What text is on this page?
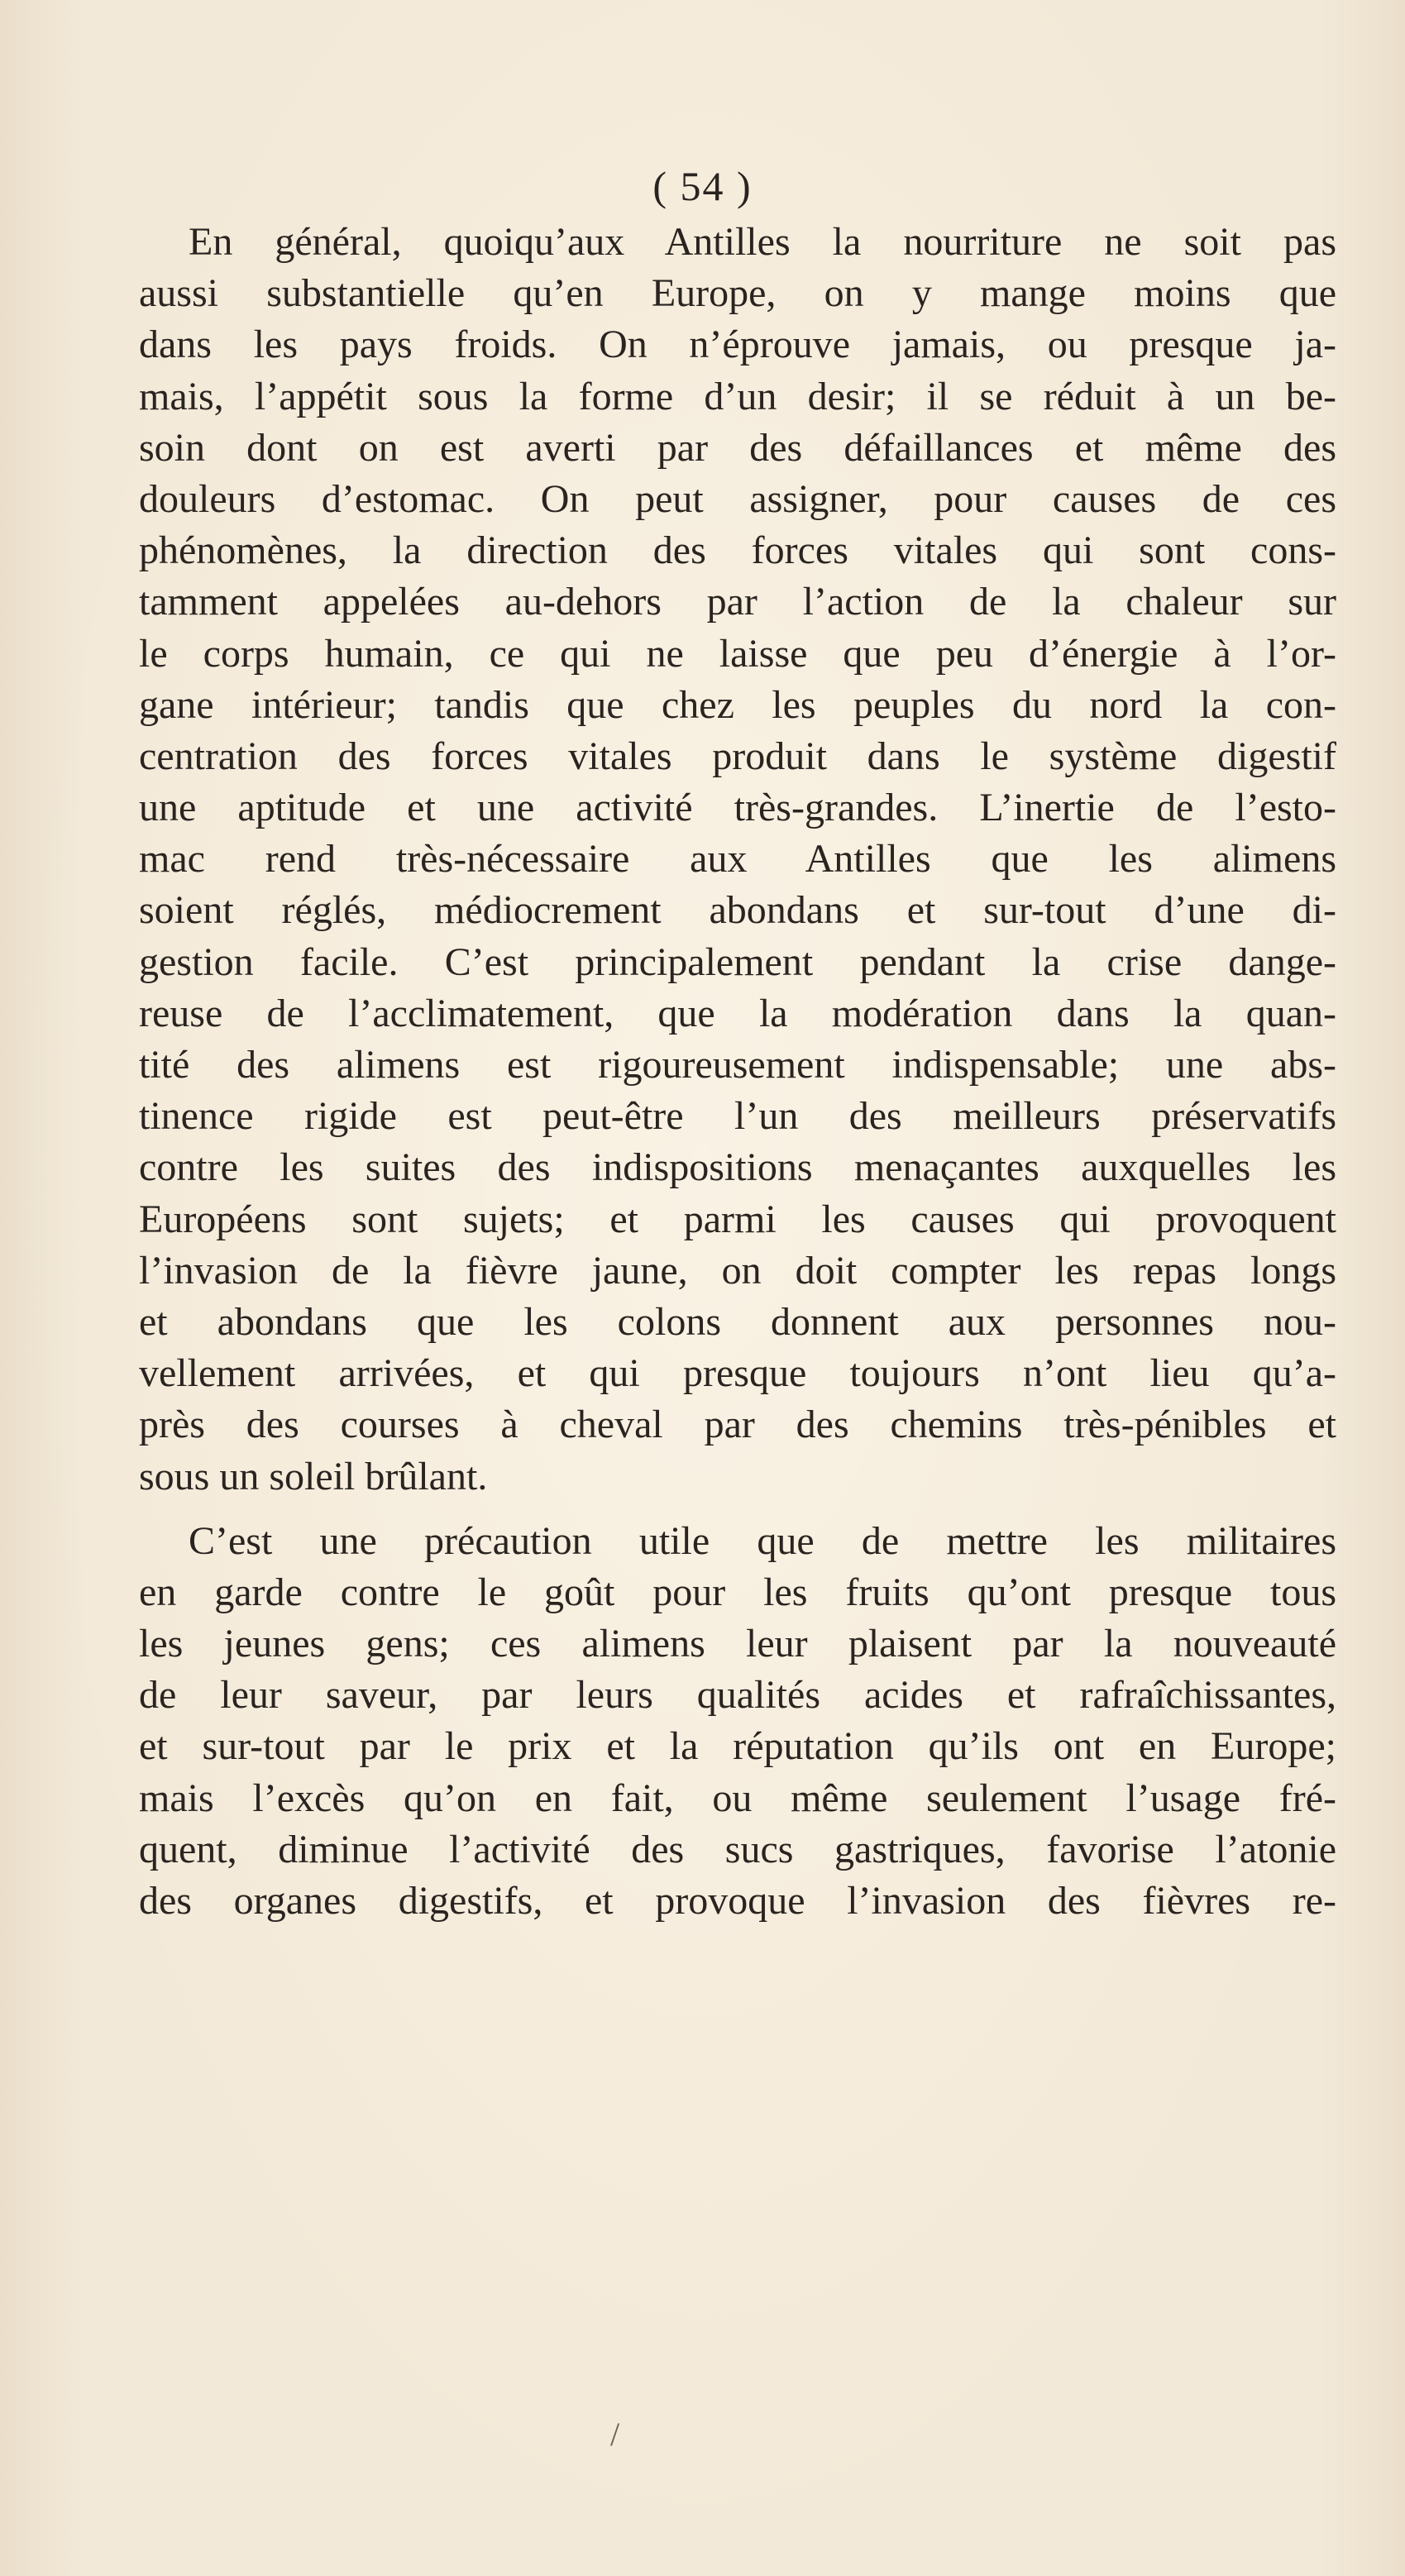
( 54 )
En général, quoiqu’aux Antilles la nourriture ne soit pas
aussi substantielle qu’en Europe, on y mange moins que
dans les pays froids. On n’éprouve jamais, ou presque ja-
mais, l’appétit sous la forme d’un desir; il se réduit à un be-
soin dont on est averti par des défaillances et même des
douleurs d’estomac. On peut assigner, pour causes de ces
phénomènes, la direction des forces vitales qui sont cons-
tamment appelées au-dehors par l’action de la chaleur sur
le corps humain, ce qui ne laisse que peu d’énergie à l’or-
gane intérieur; tandis que chez les peuples du nord la con-
centration des forces vitales produit dans le système digestif
une aptitude et une activité très-grandes. L’inertie de l’esto-
mac rend très-nécessaire aux Antilles que les alimens
soient réglés, médiocrement abondans et sur-tout d’une di-
gestion facile. C’est principalement pendant la crise dange-
reuse de l’acclimatement, que la modération dans la quan-
tité des alimens est rigoureusement indispensable; une abs-
tinence rigide est peut-être l’un des meilleurs préservatifs
contre les suites des indispositions menaçantes auxquelles les
Européens sont sujets; et parmi les causes qui provoquent
l’invasion de la fièvre jaune, on doit compter les repas longs
et abondans que les colons donnent aux personnes nou-
vellement arrivées, et qui presque toujours n’ont lieu qu’a-
près des courses à cheval par des chemins très-pénibles et
sous un soleil brûlant.
C’est une précaution utile que de mettre les militaires
en garde contre le goût pour les fruits qu’ont presque tous
les jeunes gens; ces alimens leur plaisent par la nouveauté
de leur saveur, par leurs qualités acides et rafraîchissantes,
et sur-tout par le prix et la réputation qu’ils ont en Europe;
mais l’excès qu’on en fait, ou même seulement l’usage fré-
quent, diminue l’activité des sucs gastriques, favorise l’atonie
des organes digestifs, et provoque l’invasion des fièvres re-
/
